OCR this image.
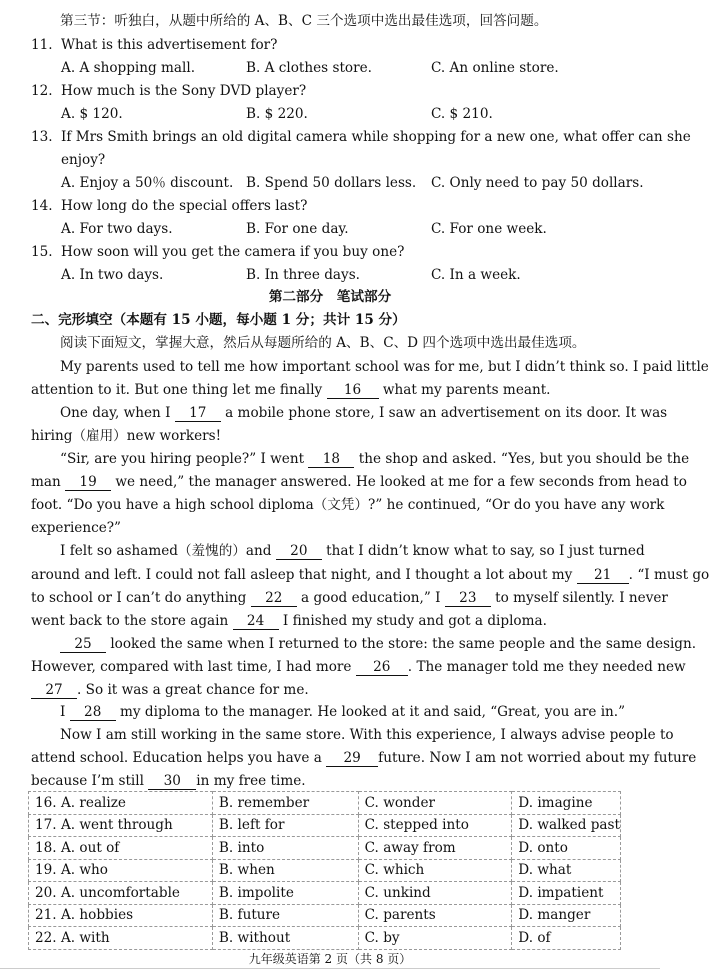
第三节：听独白，从题中所给的 A、B、C 三个选项中选出最佳选项，回答问题。
11. What is this advertisement for?
A. A shopping mall.	B. A clothes store.	C. An online store.
12. How much is the Sony DVD player?
A. $ 120.	B. $ 220.	C. $ 210.
13. If Mrs Smith brings an old digital camera while shopping for a new one, what offer can she
enjoy?
A. Enjoy a 50％ discount. B. Spend 50 dollars less. C. Only need to pay 50 dollars.
14. How long do the special offers last?
A. For two days.	B. For one day.	C. For one week.
15. How soon will you get the camera if you buy one?
A. In two days.	B. In three days.	C. In a week.
第二部分　笔试部分
二、完形填空（本题有 15 小题，每小题 1 分；共计 15 分）
阅读下面短文，掌握大意，然后从每题所给的 A、B、C、D 四个选项中选出最佳选项。
My parents used to tell me how important school was for me, but I didn’t think so. I paid little
attention to it. But one thing let me finally 16 what my parents meant.
One day, when I 17 a mobile phone store, I saw an advertisement on its door. It was
hiring（雇用）new workers!
“Sir, are you hiring people?” I went 18 the shop and asked. “Yes, but you should be the
man 19 we need,” the manager answered. He looked at me for a few seconds from head to
foot. “Do you have a high school diploma（文凭）?” he continued, “Or do you have any work
experience?”
I felt so ashamed（羞愧的）and 20 that I didn’t know what to say, so I just turned
around and left. I could not fall asleep that night, and I thought a lot about my 21 . “I must go
to school or I can’t do anything 22 a good education,” I 23 to myself silently. I never
went back to the store again 24 I finished my study and got a diploma.
25 looked the same when I returned to the store: the same people and the same design.
However, compared with last time, I had more 26 . The manager told me they needed new
27 . So it was a great chance for me.
I 28 my diploma to the manager. He looked at it and said, “Great, you are in.”
Now I am still working in the same store. With this experience, I always advise people to
attend school. Education helps you have a 29 future. Now I am not worried about my future
because I’m still 30 in my free time.
16. A. realize	B. remember	C. wonder	D. imagine
17. A. went through	B. left for	C. stepped into	D. walked past
18. A. out of	B. into	C. away from	D. onto
19. A. who	B. when	C. which	D. what
20. A. uncomfortable	B. impolite	C. unkind	D. impatient
21. A. hobbies	B. future	C. parents	D. manger
22. A. with	B. without	C. by	D. of
九年级英语第 2 页（共 8 页）
